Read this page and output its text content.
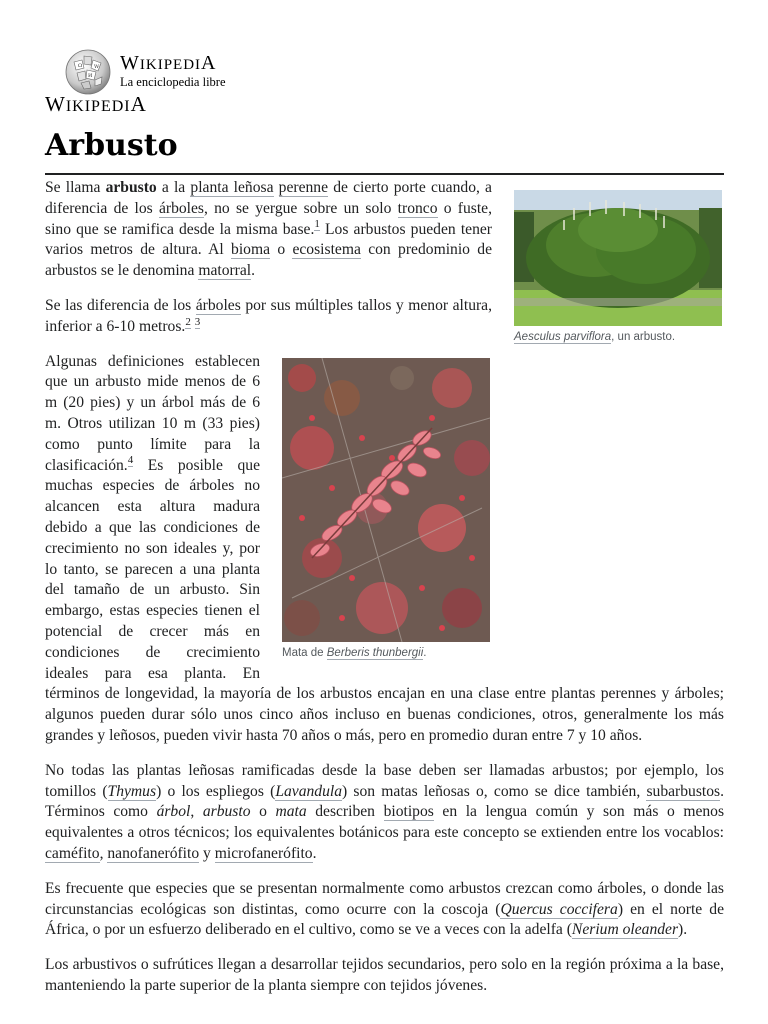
Ω W
И
WIKIPEDIA
La enciclopedia libre
WIKIPEDIA
Arbusto
Aesculus parviflora, un arbusto.

Se llama arbusto a la planta leñosa perenne de cierto porte cuando, a diferencia de los árboles, no se yergue sobre un solo tronco o fuste, sino que se ramifica desde la misma base.$^1$ Los arbustos pueden tener varios metros de altura. Al bioma o ecosistema con predominio de arbustos se le denomina matorral.

Se las diferencia de los árboles por sus múltiples tallos y menor altura, inferior a 6-10 metros.$^2$ $^3$

Mata de Berberis thunbergii.

Algunas definiciones establecen que un arbusto mide menos de 6 m (20 pies) y un árbol más de 6 m. Otros utilizan 10 m (33 pies) como punto límite para la clasificación.$^4$ Es posible que muchas especies de árboles no alcancen esta altura madura debido a que las condiciones de crecimiento no son ideales y, por lo tanto, se parecen a una planta del tamaño de un arbusto. Sin embargo, estas especies tienen el potencial de crecer más en condiciones de crecimiento ideales para esa planta. En términos de longevidad, la mayoría de los arbustos encajan en una clase entre plantas perennes y árboles; algunos pueden durar sólo unos cinco años incluso en buenas condiciones, otros, generalmente los más grandes y leñosos, pueden vivir hasta 70 años o más, pero en promedio duran entre 7 y 10 años.

No todas las plantas leñosas ramificadas desde la base deben ser llamadas arbustos; por ejemplo, los tomillos (Thymus) o los espliegos (Lavandula) son matas leñosas o, como se dice también, subarbustos. Términos como árbol, arbusto o mata describen biotipos en la lengua común y son más o menos equivalentes a otros técnicos; los equivalentes botánicos para este concepto se extienden entre los vocablos: caméfito, nanofanerófito y microfanerófito.

Es frecuente que especies que se presentan normalmente como arbustos crezcan como árboles, o donde las circunstancias ecológicas son distintas, como ocurre con la coscoja (Quercus coccifera) en el norte de África, o por un esfuerzo deliberado en el cultivo, como se ve a veces con la adelfa (Nerium oleander).

Los arbustivos o sufrútices llegan a desarrollar tejidos secundarios, pero solo en la región próxima a la base, manteniendo la parte superior de la planta siempre con tejidos jóvenes.
